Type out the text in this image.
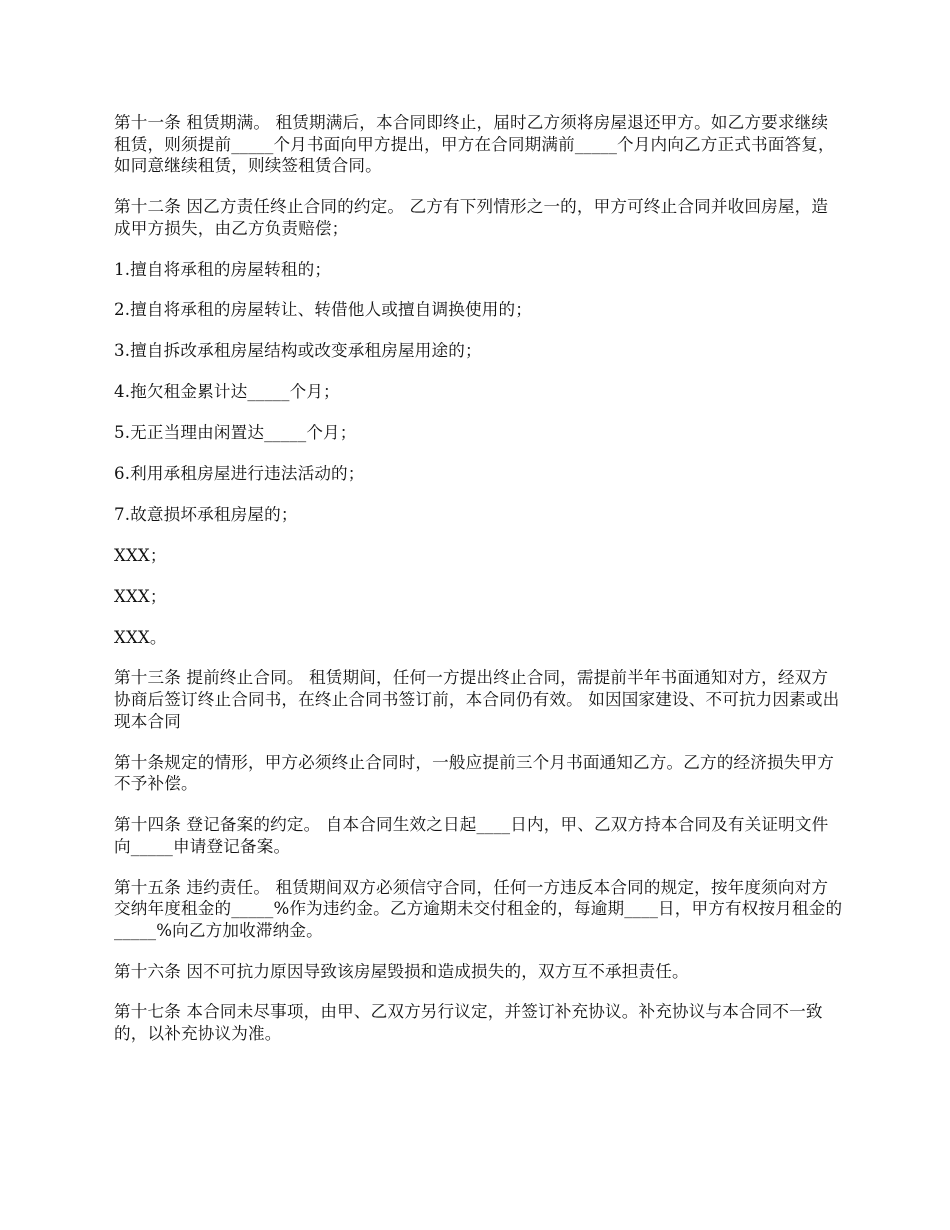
第十一条 租赁期满。 租赁期满后，本合同即终止，届时乙方须将房屋退还甲方。如乙方要求继续租赁，则须提前_____个月书面向甲方提出，甲方在合同期满前_____个月内向乙方正式书面答复，如同意继续租赁，则续签租赁合同。

第十二条 因乙方责任终止合同的约定。 乙方有下列情形之一的，甲方可终止合同并收回房屋，造成甲方损失，由乙方负责赔偿；

1.擅自将承租的房屋转租的；

2.擅自将承租的房屋转让、转借他人或擅自调换使用的；

3.擅自拆改承租房屋结构或改变承租房屋用途的；

4.拖欠租金累计达_____个月；

5.无正当理由闲置达_____个月；

6.利用承租房屋进行违法活动的；

7.故意损坏承租房屋的；

XXX；

XXX；

XXX。

第十三条 提前终止合同。 租赁期间，任何一方提出终止合同，需提前半年书面通知对方，经双方协商后签订终止合同书，在终止合同书签订前，本合同仍有效。 如因国家建设、不可抗力因素或出现本合同

第十条规定的情形，甲方必须终止合同时，一般应提前三个月书面通知乙方。乙方的经济损失甲方不予补偿。

第十四条 登记备案的约定。 自本合同生效之日起____日内，甲、乙双方持本合同及有关证明文件向_____申请登记备案。

第十五条 违约责任。 租赁期间双方必须信守合同，任何一方违反本合同的规定，按年度须向对方交纳年度租金的_____%作为违约金。乙方逾期未交付租金的，每逾期____日，甲方有权按月租金的_____%向乙方加收滞纳金。

第十六条 因不可抗力原因导致该房屋毁损和造成损失的，双方互不承担责任。

第十七条 本合同未尽事项，由甲、乙双方另行议定，并签订补充协议。补充协议与本合同不一致的，以补充协议为准。
